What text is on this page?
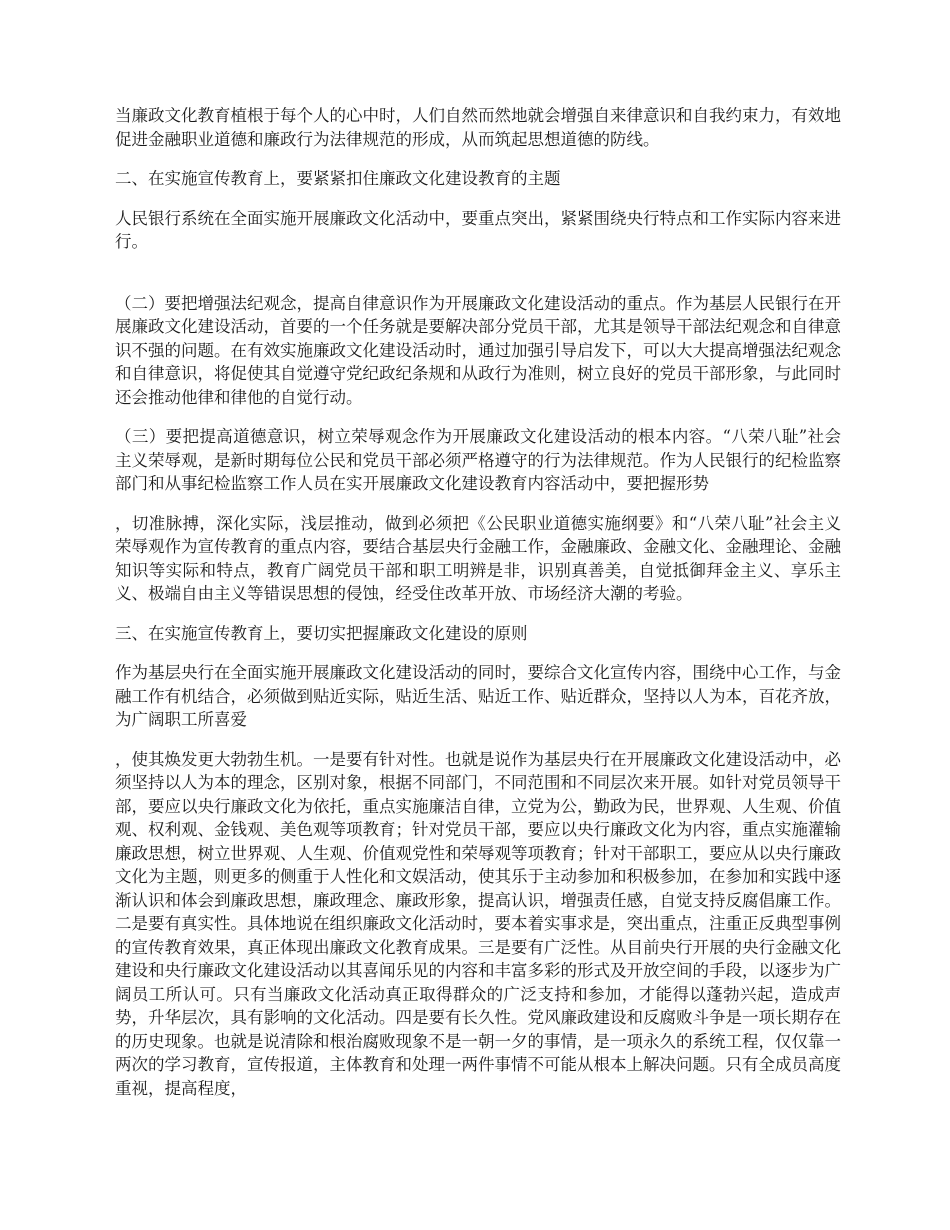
当廉政文化教育植根于每个人的心中时，人们自然而然地就会增强自来律意识和自我约束力，有效地促进金融职业道德和廉政行为法律规范的形成，从而筑起思想道德的防线。

二、在实施宣传教育上，要紧紧扣住廉政文化建设教育的主题

人民银行系统在全面实施开展廉政文化活动中，要重点突出，紧紧围绕央行特点和工作实际内容来进行。

（二）要把增强法纪观念，提高自律意识作为开展廉政文化建设活动的重点。作为基层人民银行在开展廉政文化建设活动，首要的一个任务就是要解决部分党员干部，尤其是领导干部法纪观念和自律意识不强的问题。在有效实施廉政文化建设活动时，通过加强引导启发下，可以大大提高增强法纪观念和自律意识，将促使其自觉遵守党纪政纪条规和从政行为准则，树立良好的党员干部形象，与此同时还会推动他律和律他的自觉行动。

（三）要把提高道德意识，树立荣辱观念作为开展廉政文化建设活动的根本内容。“八荣八耻”社会主义荣辱观，是新时期每位公民和党员干部必须严格遵守的行为法律规范。作为人民银行的纪检监察部门和从事纪检监察工作人员在实开展廉政文化建设教育内容活动中，要把握形势

，切准脉搏，深化实际，浅层推动，做到必须把《公民职业道德实施纲要》和“八荣八耻”社会主义荣辱观作为宣传教育的重点内容，要结合基层央行金融工作，金融廉政、金融文化、金融理论、金融知识等实际和特点，教育广阔党员干部和职工明辨是非，识别真善美，自觉抵御拜金主义、享乐主义、极端自由主义等错误思想的侵蚀，经受住改革开放、市场经济大潮的考验。

三、在实施宣传教育上，要切实把握廉政文化建设的原则

作为基层央行在全面实施开展廉政文化建设活动的同时，要综合文化宣传内容，围绕中心工作，与金融工作有机结合，必须做到贴近实际，贴近生活、贴近工作、贴近群众，坚持以人为本，百花齐放，为广阔职工所喜爱

，使其焕发更大勃勃生机。一是要有针对性。也就是说作为基层央行在开展廉政文化建设活动中，必须坚持以人为本的理念，区别对象，根据不同部门，不同范围和不同层次来开展。如针对党员领导干部，要应以央行廉政文化为依托，重点实施廉洁自律，立党为公，勤政为民，世界观、人生观、价值观、权利观、金钱观、美色观等项教育；针对党员干部，要应以央行廉政文化为内容，重点实施灌输廉政思想，树立世界观、人生观、价值观党性和荣辱观等项教育；针对干部职工，要应从以央行廉政文化为主题，则更多的侧重于人性化和文娱活动，使其乐于主动参加和积极参加，在参加和实践中逐渐认识和体会到廉政思想，廉政理念、廉政形象，提高认识，增强责任感，自觉支持反腐倡廉工作。二是要有真实性。具体地说在组织廉政文化活动时，要本着实事求是，突出重点，注重正反典型事例的宣传教育效果，真正体现出廉政文化教育成果。三是要有广泛性。从目前央行开展的央行金融文化建设和央行廉政文化建设活动以其喜闻乐见的内容和丰富多彩的形式及开放空间的手段，以逐步为广阔员工所认可。只有当廉政文化活动真正取得群众的广泛支持和参加，才能得以蓬勃兴起，造成声势，升华层次，具有影响的文化活动。四是要有长久性。党风廉政建设和反腐败斗争是一项长期存在的历史现象。也就是说清除和根治腐败现象不是一朝一夕的事情，是一项永久的系统工程，仅仅靠一两次的学习教育，宣传报道，主体教育和处理一两件事情不可能从根本上解决问题。只有全成员高度重视，提高程度，
